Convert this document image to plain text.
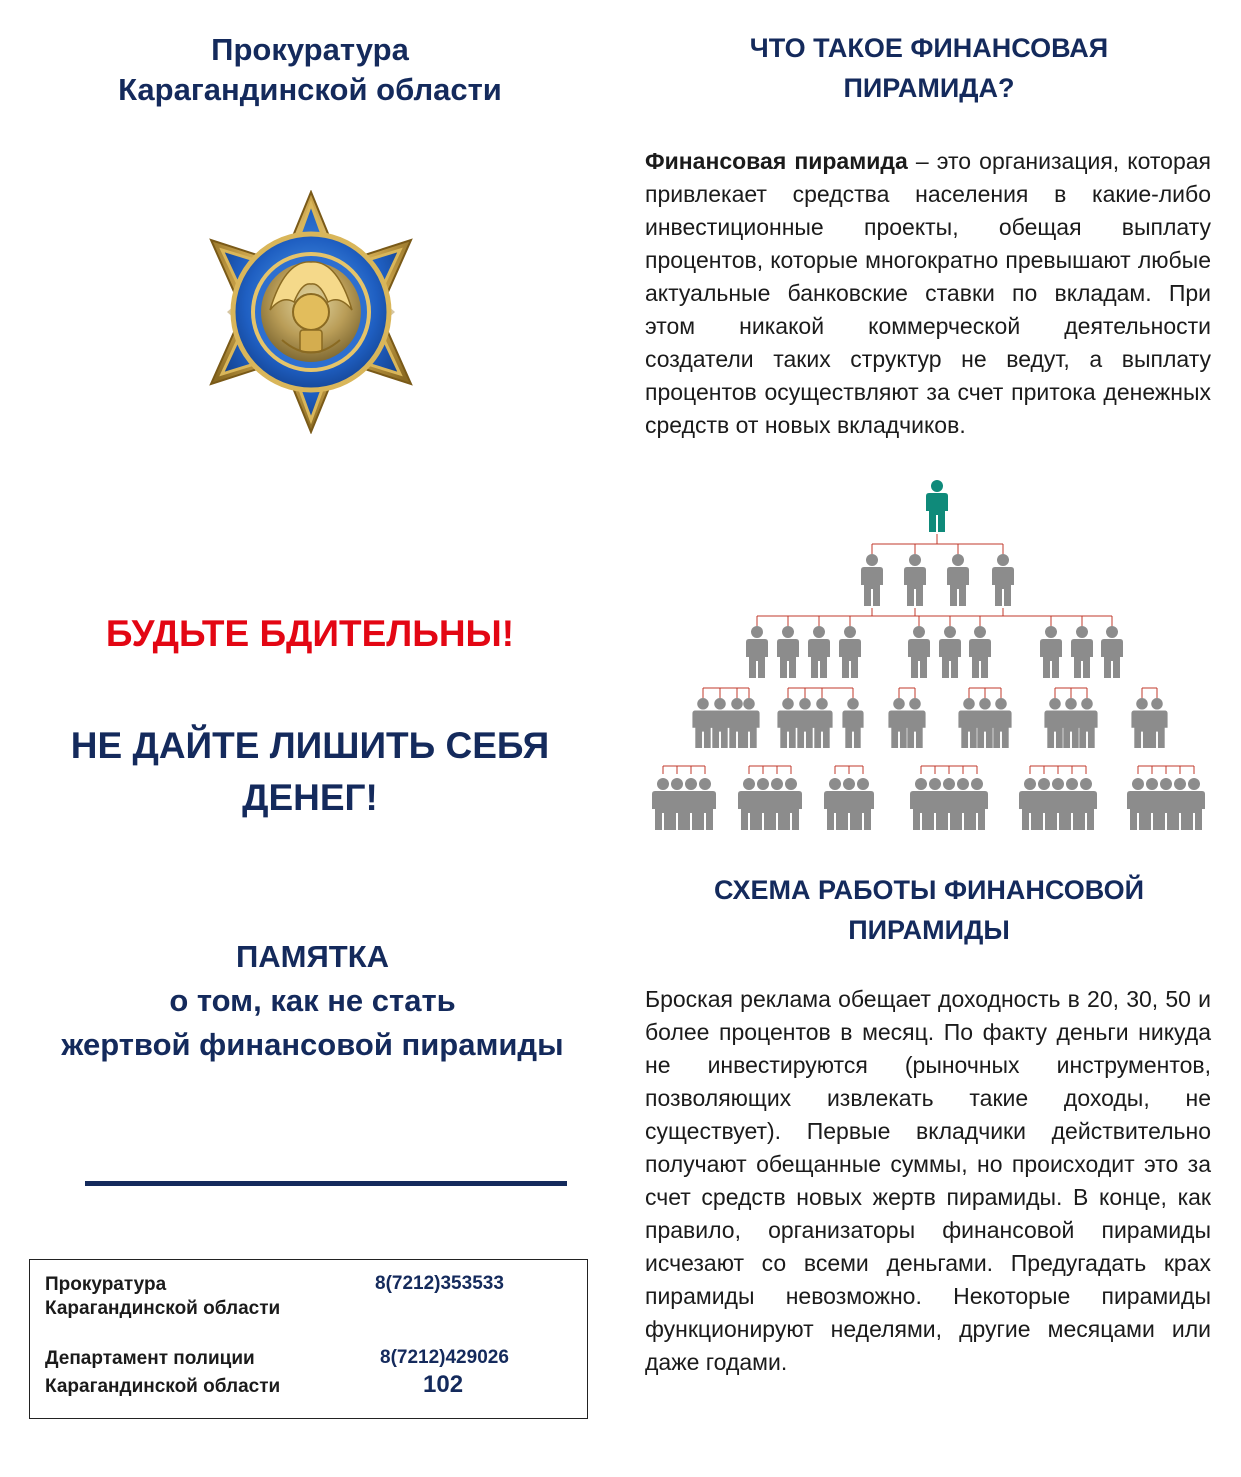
Прокуратура
Карагандинской области
БУДЬТЕ БДИТЕЛЬНЫ!
НЕ ДАЙТЕ ЛИШИТЬ СЕБЯ
ДЕНЕГ!
ПАМЯТКА
о том, как не стать
жертвой финансовой пирамиды
Прокуратура
Карагандинской области
8(7212)353533
Департамент полиции
Карагандинской области
8(7212)429026
102
ЧТО ТАКОЕ ФИНАНСОВАЯ
ПИРАМИДА?
Финансовая пирамида – это организация, которая привлекает средства населения в какие-либо инвестиционные проекты, обещая выплату процентов, которые многократно превышают любые актуальные банковские ставки по вкладам. При этом никакой коммерческой деятельности создатели таких структур не ведут, а выплату процентов осуществляют за счет притока денежных средств от новых вкладчиков.
СХЕМА РАБОТЫ ФИНАНСОВОЙ
ПИРАМИДЫ
Броская реклама обещает доходность в 20, 30, 50 и более процентов в месяц. По факту деньги никуда не инвестируются (рыночных инструментов, позволяющих извлекать такие доходы, не существует). Первые вкладчики действительно получают обещанные суммы, но происходит это за счет средств новых жертв пирамиды. В конце, как правило, организаторы финансовой пирамиды исчезают со всеми деньгами. Предугадать крах пирамиды невозможно. Некоторые пирамиды функционируют неделями, другие месяцами или даже годами.
